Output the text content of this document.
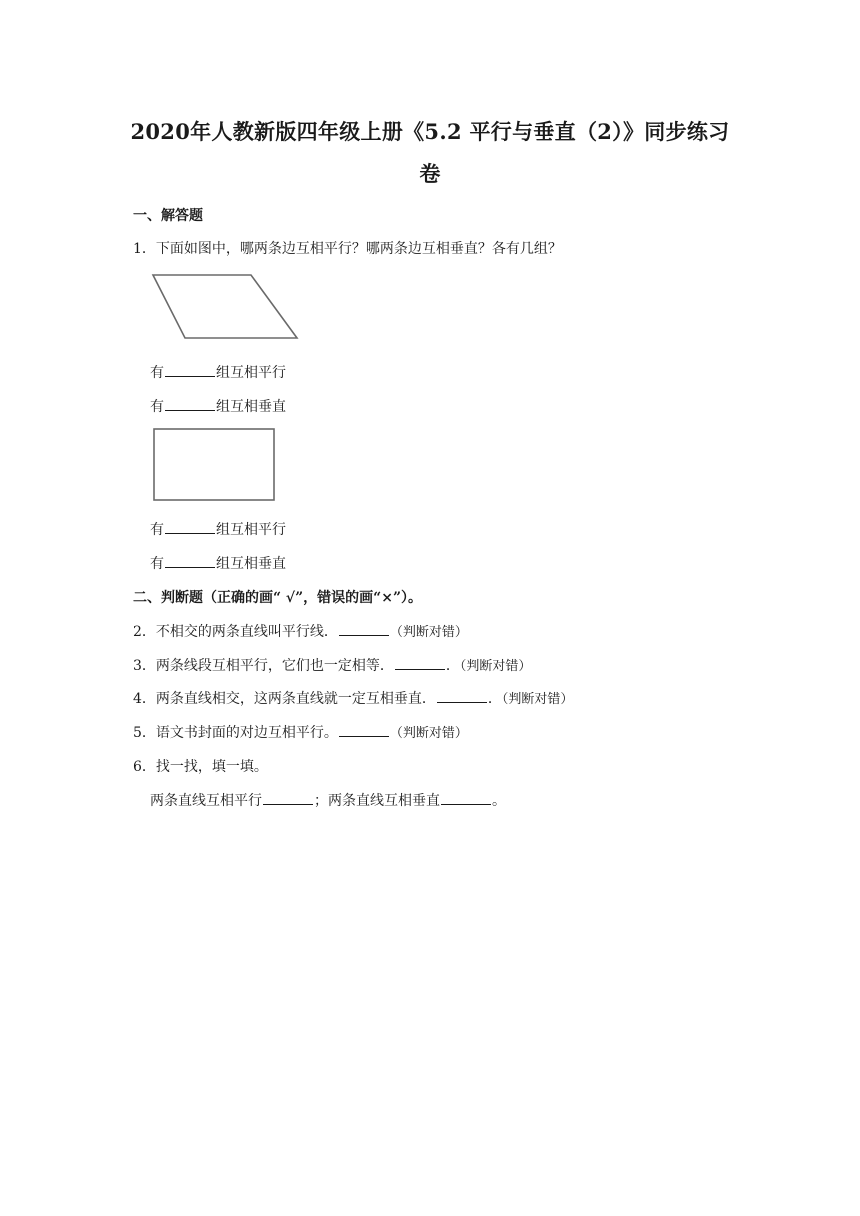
2020年人教新版四年级上册《5.2 平行与垂直（2）》同步练习
卷
一、解答题
1．下面如图中，哪两条边互相平行？哪两条边互相垂直？各有几组？
有	组互相平行
有	组互相垂直
有	组互相平行
有	组互相垂直
二、判断题（正确的画“ √”，错误的画“×”）。
2．不相交的两条直线叫平行线．	（判断对错）
3．两条线段互相平行，它们也一定相等．	．（判断对错）
4．两条直线相交，这两条直线就一定互相垂直．	．（判断对错）
5．语文书封面的对边互相平行。	（判断对错）
6．找一找，填一填。
两条直线互相平行	；两条直线互相垂直	。
